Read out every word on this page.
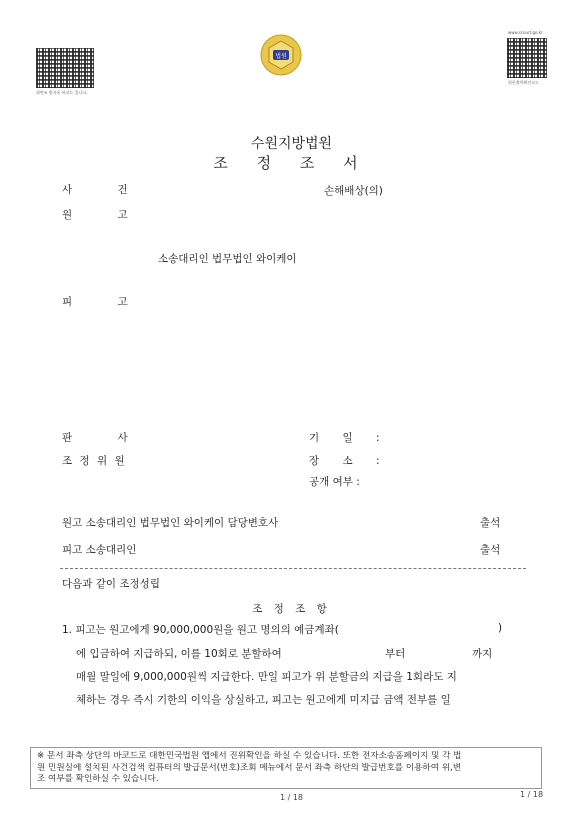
위변조 방지용 바코드 입니다.
법원
www.scourt.go.kr
원본출력확인코드
수원지방법원
조 정 조 서
사 건	손해배상(의)
원 고
소송대리인 법무법인 와이케이
피 고
판 사
조 정 위 원
기 일 :
장 소 :
공개 여부 :
원고 소송대리인 법무법인 와이케이 담당변호사	출석
피고 소송대리인	출석
다음과 같이 조정성립
조 정 조 항
1. 피고는 원고에게 90,000,000원을 원고 명의의 예금계좌(	)
에 입금하여 지급하되, 이를 10회로 분할하여	부터	까지
매월 말일에 9,000,000원씩 지급한다. 만일 피고가 위 분할금의 지급을 1회라도 지
체하는 경우 즉시 기한의 이익을 상실하고, 피고는 원고에게 미지급 금액 전부를 일
※ 문서 좌측 상단의 바코드로 대한민국법원 앱에서 진위확인을 하실 수 있습니다. 또한 전자소송홈페이지 및 각 법
원 민원실에 설치된 사건검색 컴퓨터의 발급문서(번호)조회 메뉴에서 문서 좌측 하단의 발급번호를 이용하여 위,변
조 여부를 확인하실 수 있습니다.
1 / 18	1 / 18
